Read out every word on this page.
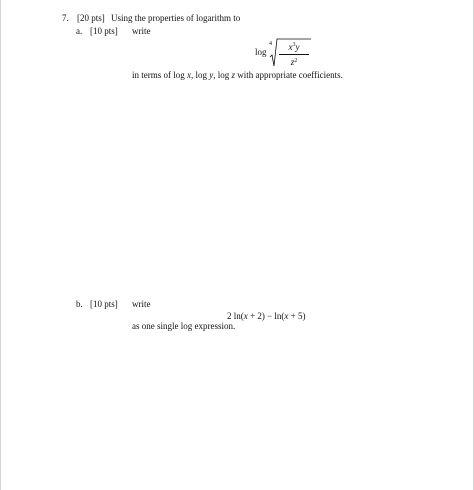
7. [20 pts] Using the properties of logarithm to
a. [10 pts] write
log
4	$x^3y$
$z^2$
in terms of log x, log y, log z with appropriate coefficients.
b. [10 pts] write
2 ln(x + 2) − ln(x + 5)
as one single log expression.
